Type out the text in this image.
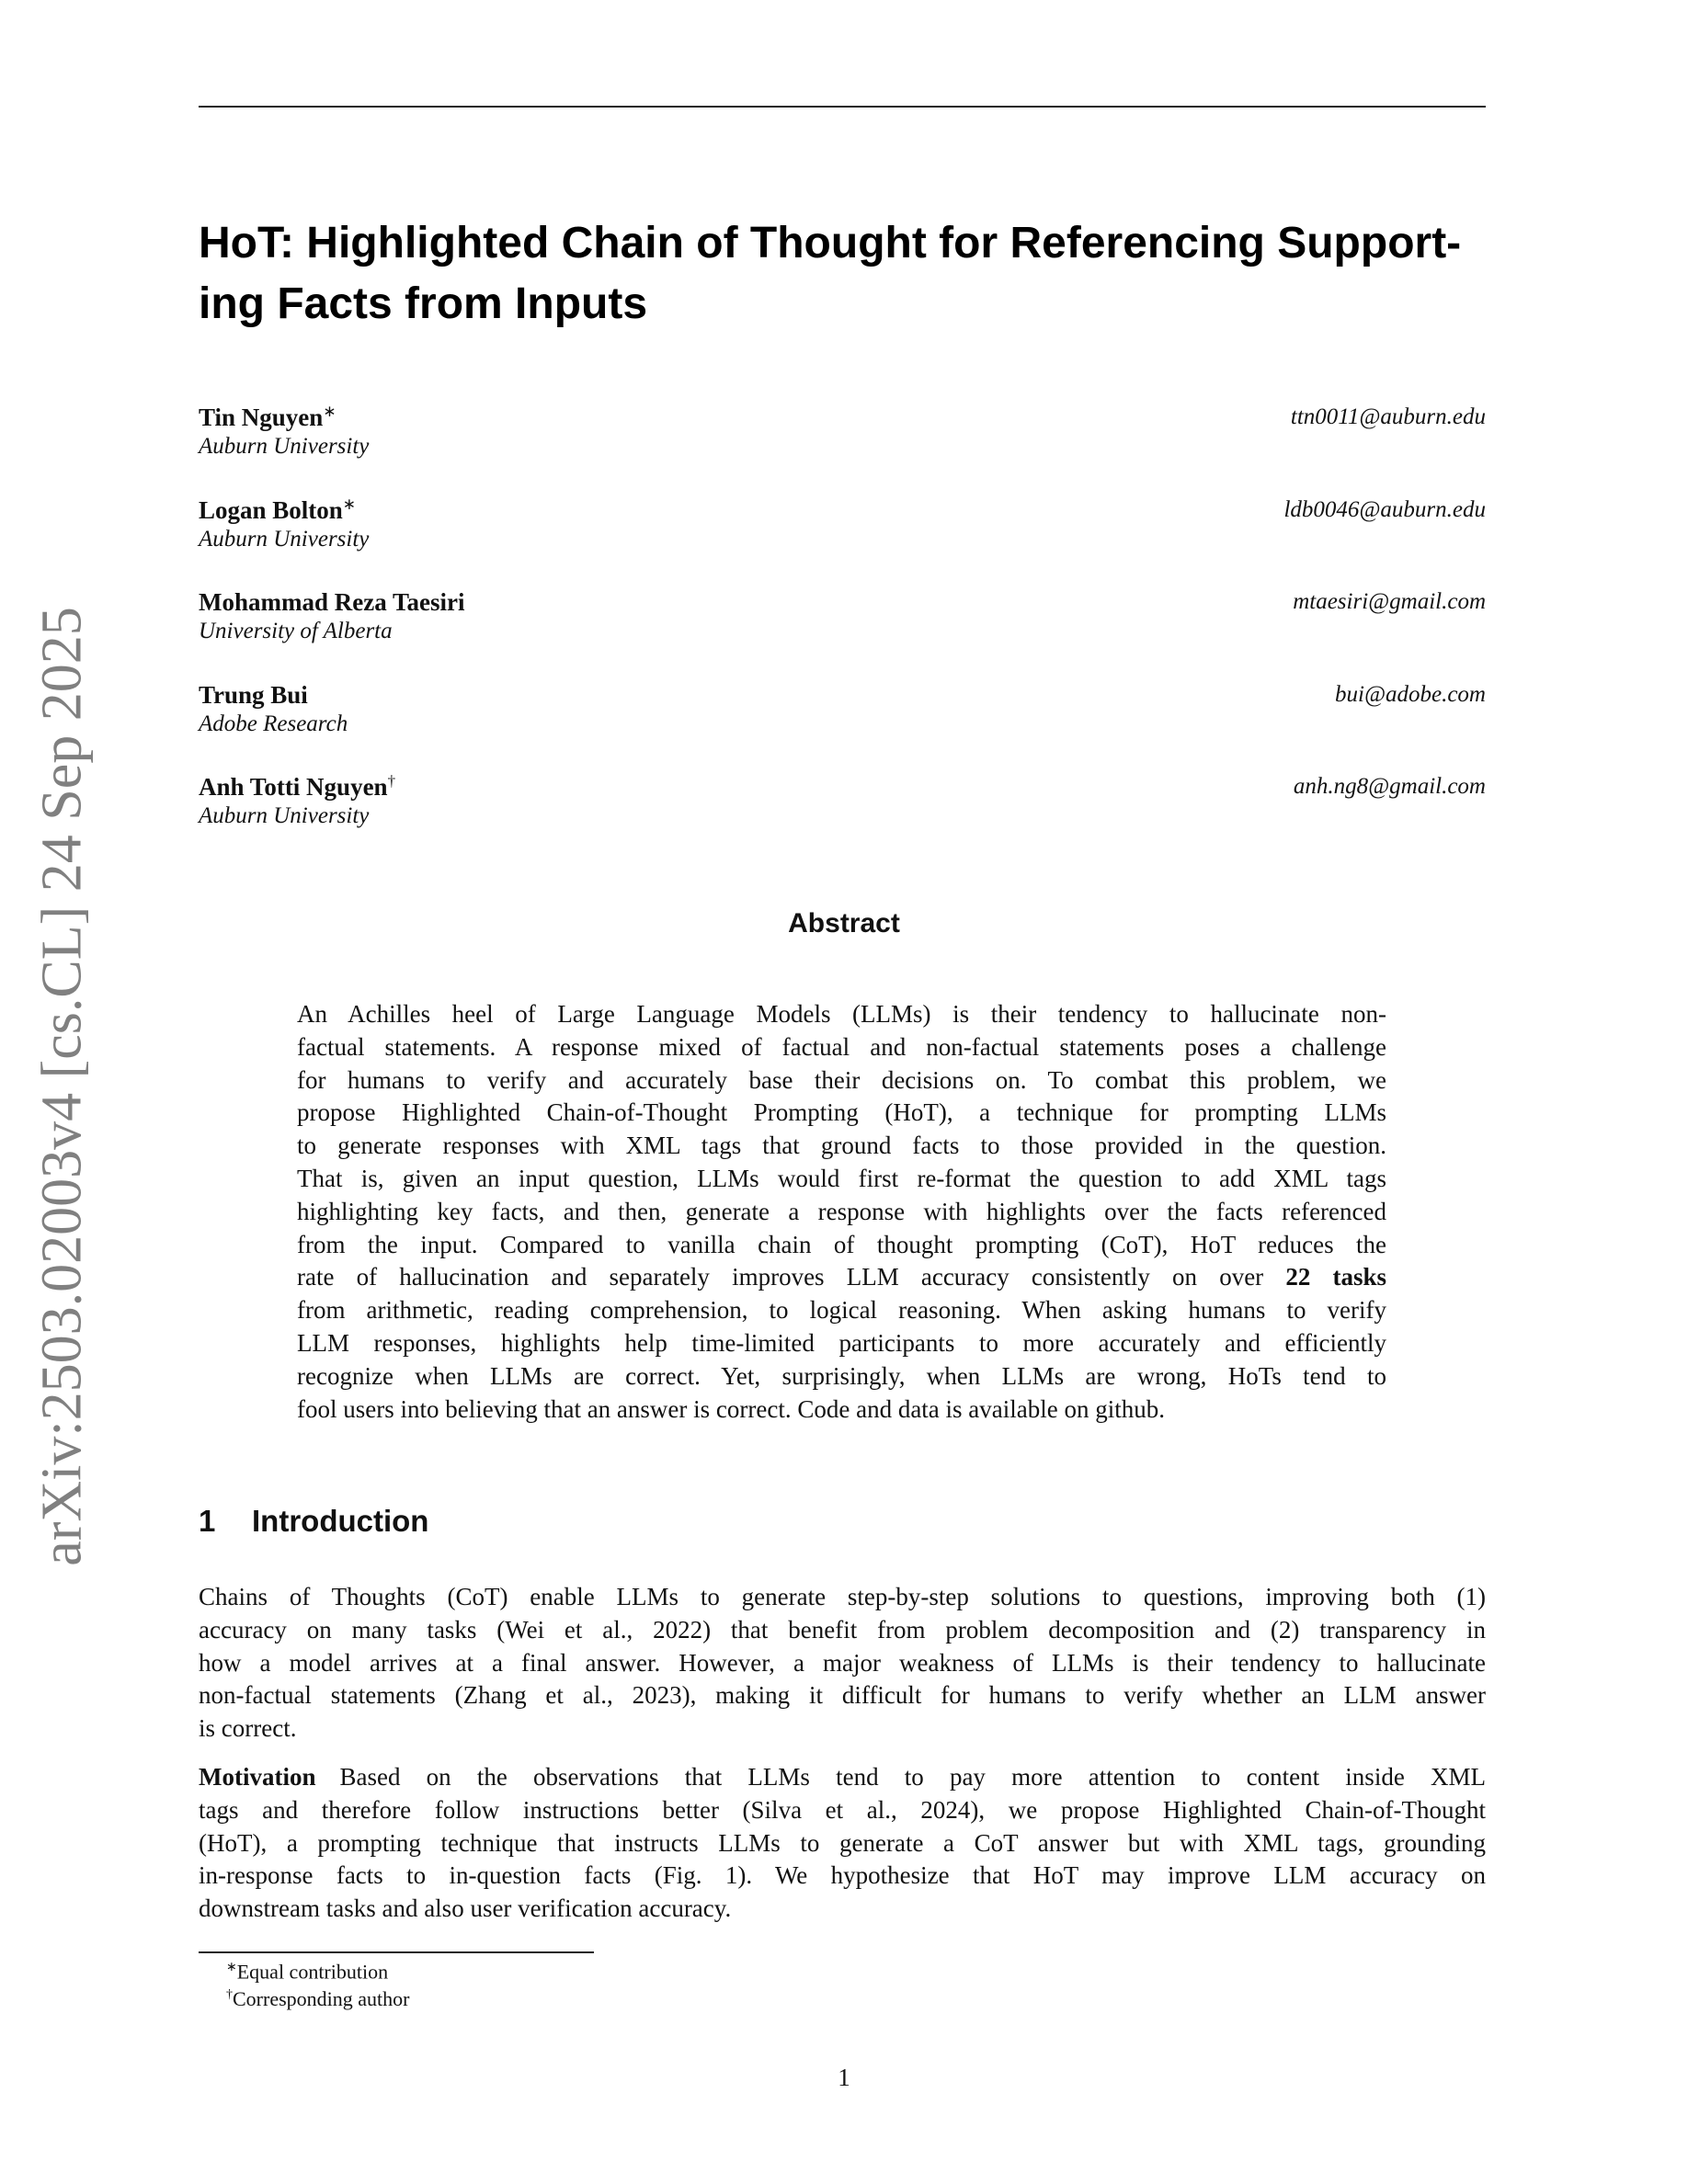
arXiv:2503.02003v4 [cs.CL] 24 Sep 2025
HoT: Highlighted Chain of Thought for Referencing Support-
ing Facts from Inputs
Tin Nguyen∗
Auburn University
ttn0011@auburn.edu
Logan Bolton∗
Auburn University
ldb0046@auburn.edu
Mohammad Reza Taesiri
University of Alberta
mtaesiri@gmail.com
Trung Bui
Adobe Research
bui@adobe.com
Anh Totti Nguyen†
Auburn University
anh.ng8@gmail.com
Abstract
An Achilles heel of Large Language Models (LLMs) is their tendency to hallucinate non-
factual statements. A response mixed of factual and non-factual statements poses a challenge
for humans to verify and accurately base their decisions on. To combat this problem, we
propose Highlighted Chain-of-Thought Prompting (HoT), a technique for prompting LLMs
to generate responses with XML tags that ground facts to those provided in the question.
That is, given an input question, LLMs would first re-format the question to add XML tags
highlighting key facts, and then, generate a response with highlights over the facts referenced
from the input. Compared to vanilla chain of thought prompting (CoT), HoT reduces the
rate of hallucination and separately improves LLM accuracy consistently on over 22 tasks
from arithmetic, reading comprehension, to logical reasoning. When asking humans to verify
LLM responses, highlights help time-limited participants to more accurately and efficiently
recognize when LLMs are correct. Yet, surprisingly, when LLMs are wrong, HoTs tend to
fool users into believing that an answer is correct. Code and data is available on github.
1 Introduction
Chains of Thoughts (CoT) enable LLMs to generate step-by-step solutions to questions, improving both (1)
accuracy on many tasks (Wei et al., 2022) that benefit from problem decomposition and (2) transparency in
how a model arrives at a final answer. However, a major weakness of LLMs is their tendency to hallucinate
non-factual statements (Zhang et al., 2023), making it difficult for humans to verify whether an LLM answer
is correct.
Motivation Based on the observations that LLMs tend to pay more attention to content inside XML
tags and therefore follow instructions better (Silva et al., 2024), we propose Highlighted Chain-of-Thought
(HoT), a prompting technique that instructs LLMs to generate a CoT answer but with XML tags, grounding
in-response facts to in-question facts (Fig. 1). We hypothesize that HoT may improve LLM accuracy on
downstream tasks and also user verification accuracy.
∗Equal contribution
†Corresponding author
1
